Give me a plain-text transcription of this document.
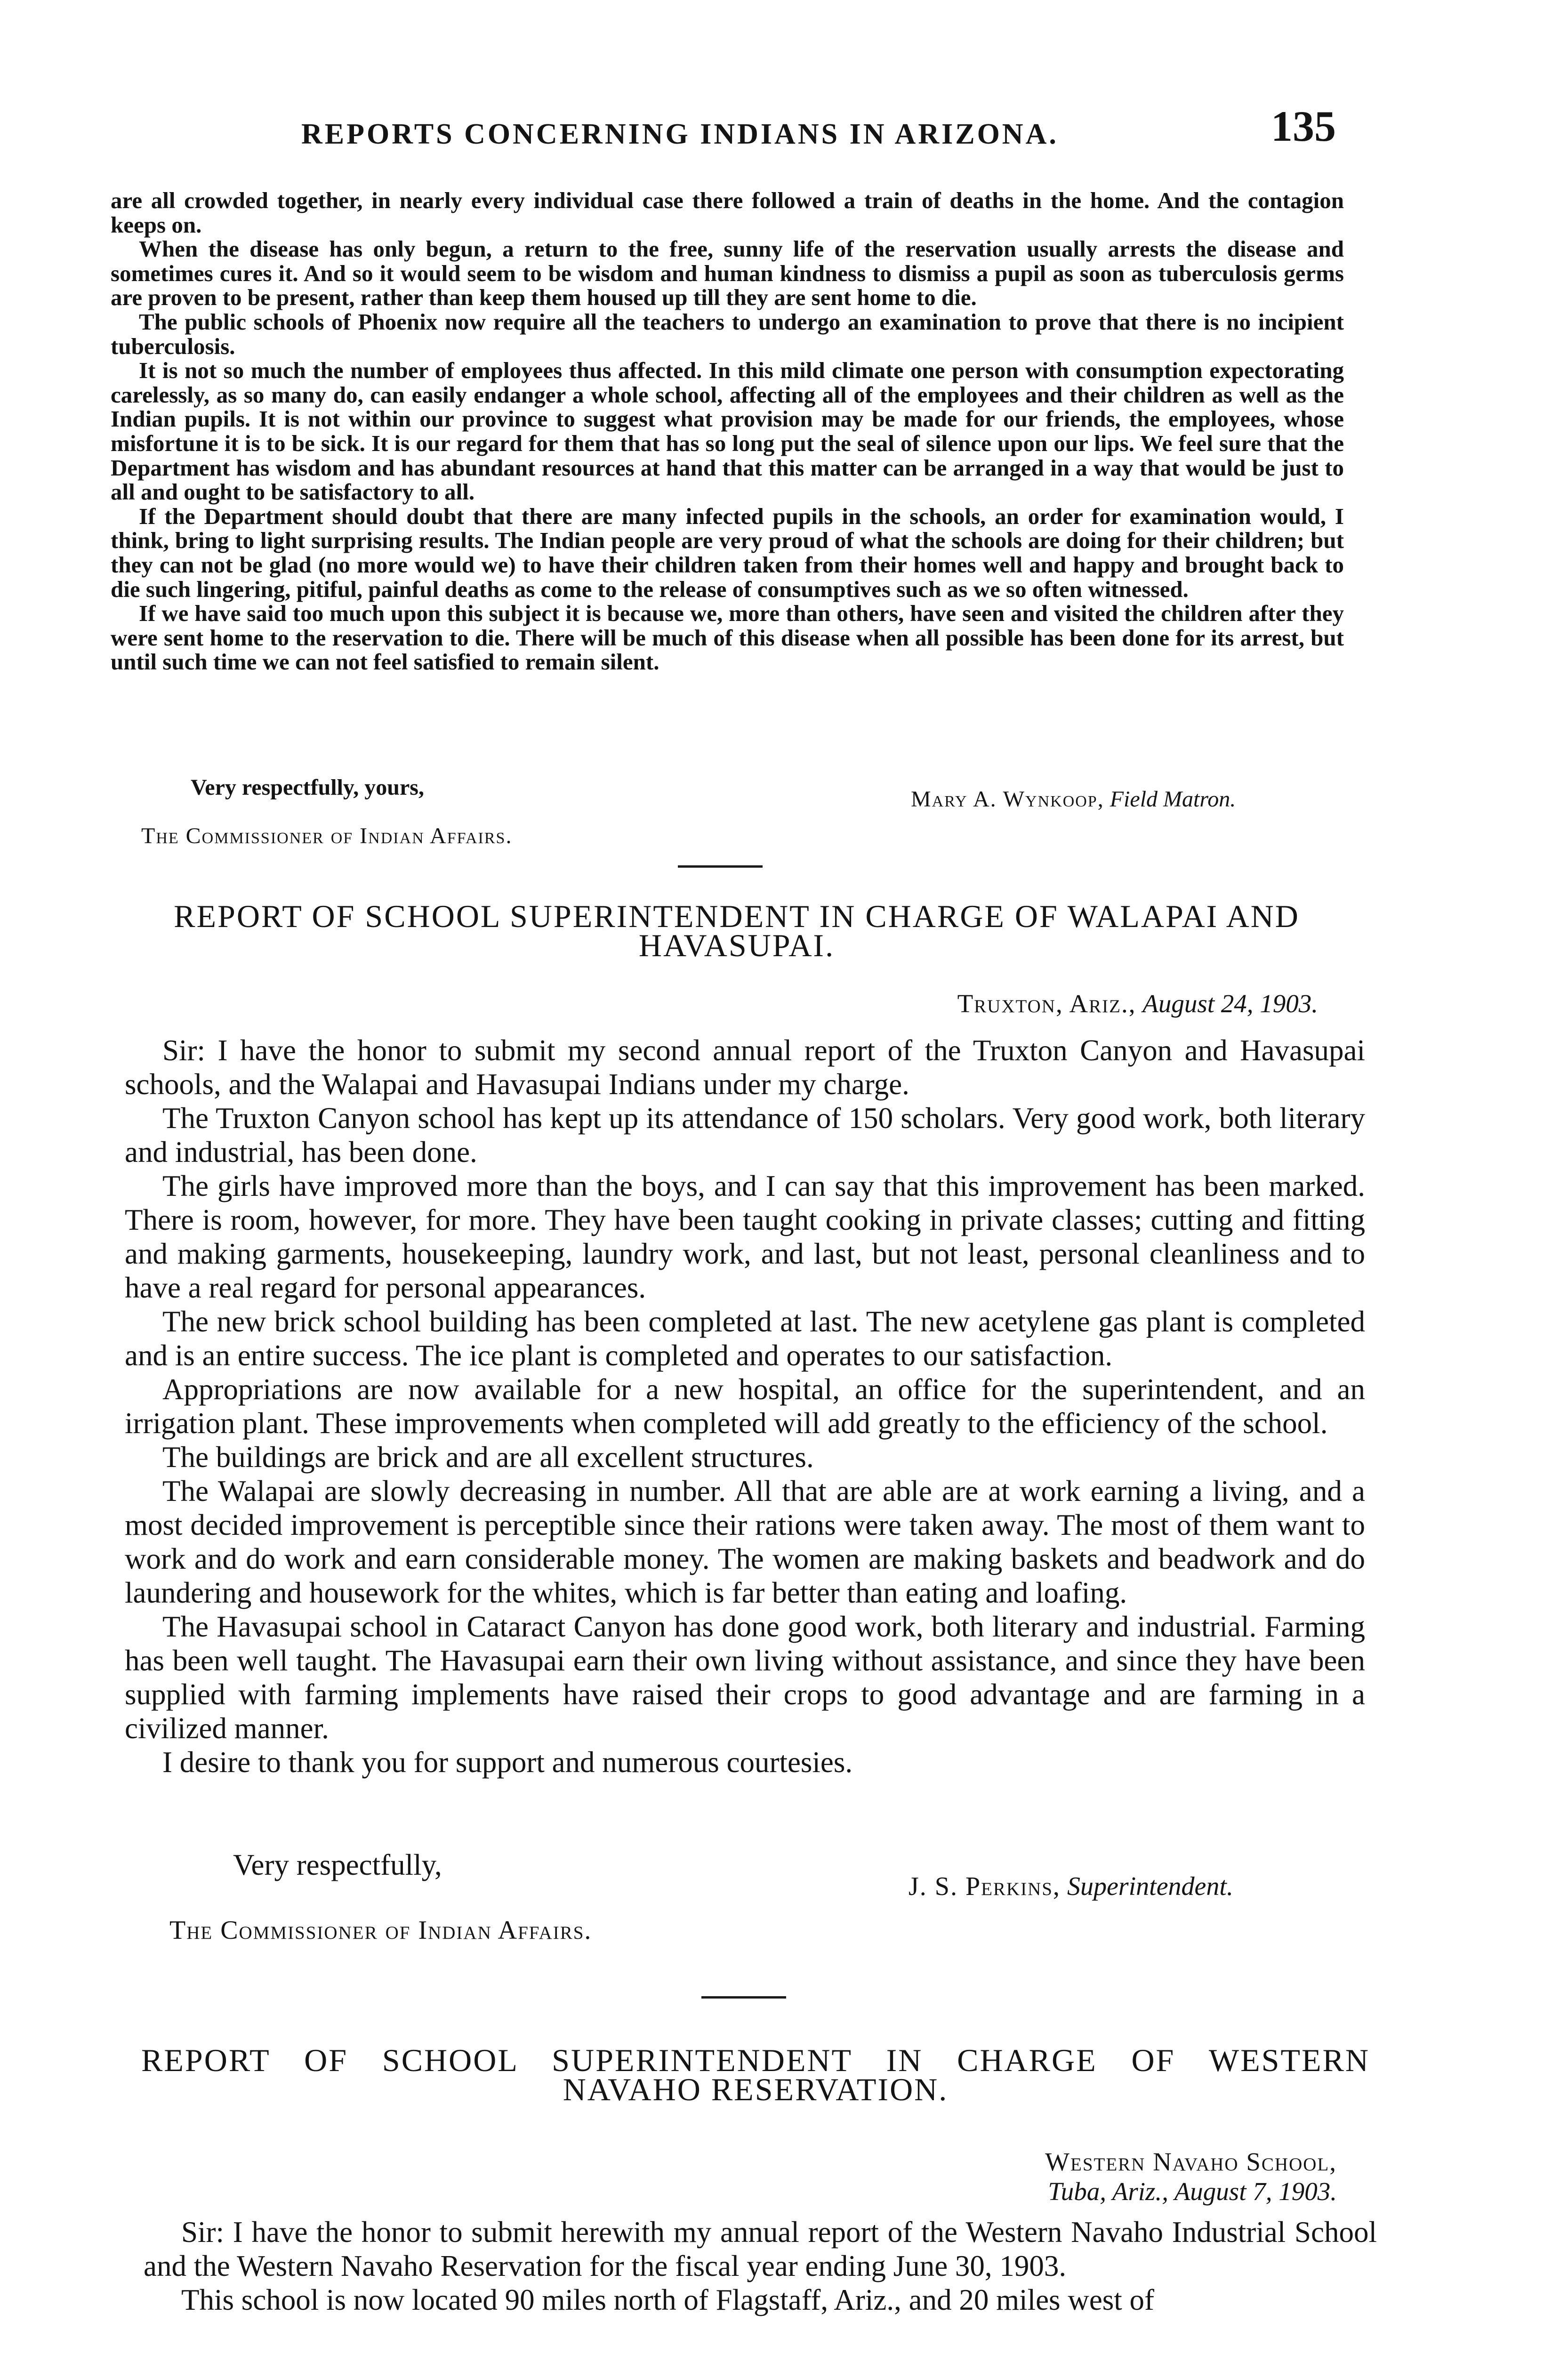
REPORTS CONCERNING INDIANS IN ARIZONA.	135

are all crowded together, in nearly every individual case there followed a train of deaths in the home. And the contagion keeps on.

When the disease has only begun, a return to the free, sunny life of the reservation usually arrests the disease and sometimes cures it. And so it would seem to be wisdom and human kindness to dismiss a pupil as soon as tuberculosis germs are proven to be present, rather than keep them housed up till they are sent home to die.

The public schools of Phoenix now require all the teachers to undergo an examination to prove that there is no incipient tuberculosis.

It is not so much the number of employees thus affected. In this mild climate one person with consumption expectorating carelessly, as so many do, can easily endanger a whole school, affecting all of the employees and their children as well as the Indian pupils. It is not within our province to suggest what provision may be made for our friends, the employees, whose misfortune it is to be sick. It is our regard for them that has so long put the seal of silence upon our lips. We feel sure that the Department has wisdom and has abundant resources at hand that this matter can be arranged in a way that would be just to all and ought to be satisfactory to all.

If the Department should doubt that there are many infected pupils in the schools, an order for examination would, I think, bring to light surprising results. The Indian people are very proud of what the schools are doing for their children; but they can not be glad (no more would we) to have their children taken from their homes well and happy and brought back to die such lingering, pitiful, painful deaths as come to the release of consumptives such as we so often witnessed.

If we have said too much upon this subject it is because we, more than others, have seen and visited the children after they were sent home to the reservation to die. There will be much of this disease when all possible has been done for its arrest, but until such time we can not feel satisfied to remain silent.

Very respectfully, yours,	Mary A. Wynkoop, Field Matron.
The Commissioner of Indian Affairs.
REPORT OF SCHOOL SUPERINTENDENT IN CHARGE OF WALAPAI AND
HAVASUPAI.
Truxton, Ariz., August 24, 1903.

Sir: I have the honor to submit my second annual report of the Truxton Canyon and Havasupai schools, and the Walapai and Havasupai Indians under my charge.

The Truxton Canyon school has kept up its attendance of 150 scholars. Very good work, both literary and industrial, has been done.

The girls have improved more than the boys, and I can say that this improvement has been marked. There is room, however, for more. They have been taught cooking in private classes; cutting and fitting and making garments, housekeeping, laundry work, and last, but not least, personal cleanliness and to have a real regard for personal appearances.

The new brick school building has been completed at last. The new acetylene gas plant is completed and is an entire success. The ice plant is completed and operates to our satisfaction.

Appropriations are now available for a new hospital, an office for the superintendent, and an irrigation plant. These improvements when completed will add greatly to the efficiency of the school.

The buildings are brick and are all excellent structures.

The Walapai are slowly decreasing in number. All that are able are at work earning a living, and a most decided improvement is perceptible since their rations were taken away. The most of them want to work and do work and earn considerable money. The women are making baskets and beadwork and do laundering and housework for the whites, which is far better than eating and loafing.

The Havasupai school in Cataract Canyon has done good work, both literary and industrial. Farming has been well taught. The Havasupai earn their own living without assistance, and since they have been supplied with farming implements have raised their crops to good advantage and are farming in a civilized manner.

I desire to thank you for support and numerous courtesies.

Very respectfully,
J. S. Perkins, Superintendent.
The Commissioner of Indian Affairs.
REPORT OF SCHOOL SUPERINTENDENT IN CHARGE OF WESTERN
NAVAHO RESERVATION.
Western Navaho School,
Tuba, Ariz., August 7, 1903.

Sir: I have the honor to submit herewith my annual report of the Western Navaho Industrial School and the Western Navaho Reservation for the fiscal year ending June 30, 1903.

This school is now located 90 miles north of Flagstaff, Ariz., and 20 miles west of
